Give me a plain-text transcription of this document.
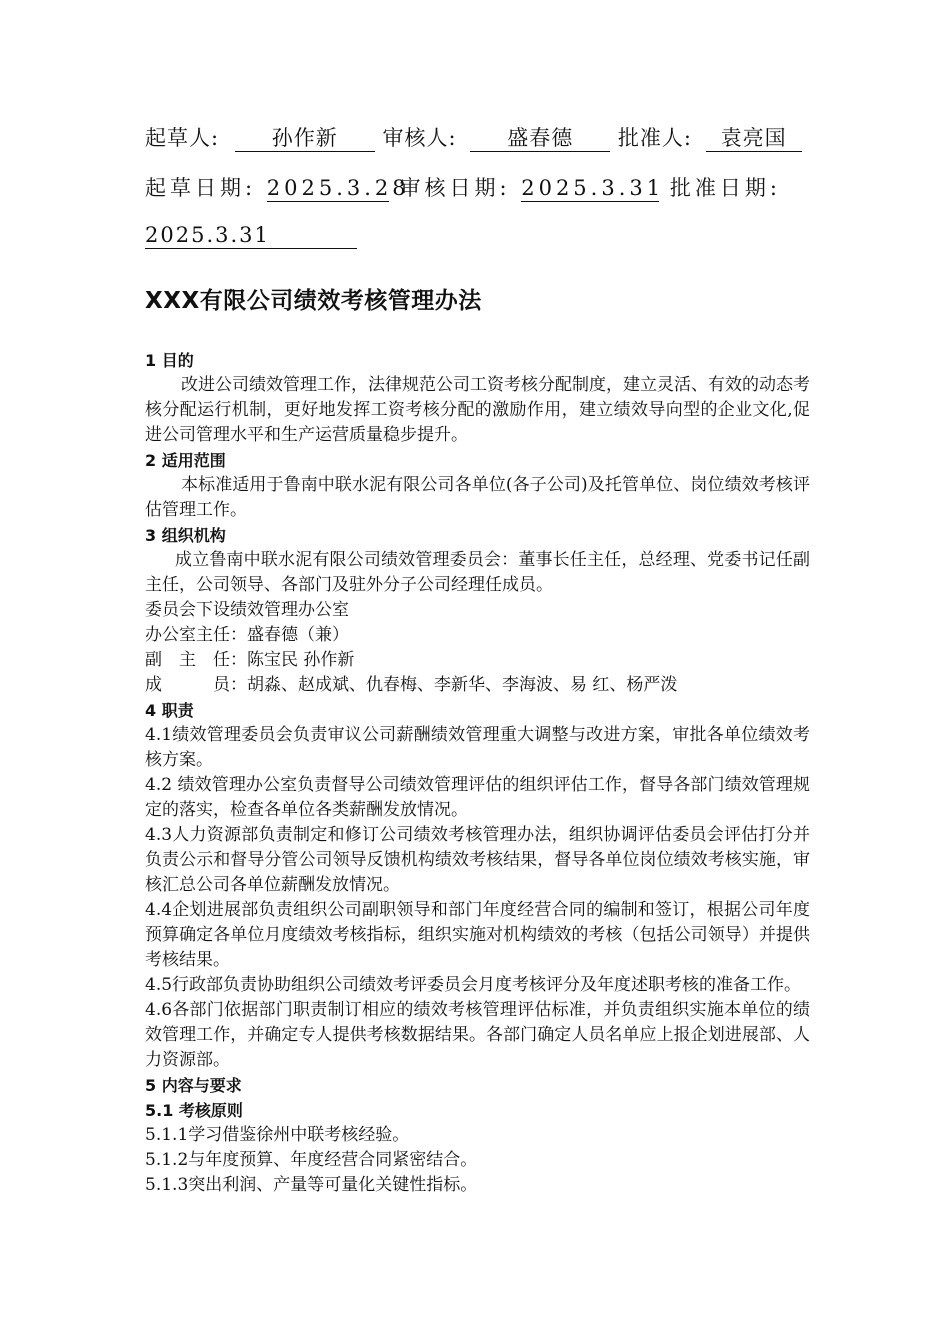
起草人:	孙作新 审核人: 盛春德 批准人: 袁亮国
起草日期: 2025.3.28 审核日期: 2025.3.31 批准日期:
2025.3.31
XXX有限公司绩效考核管理办法
1 目的

改进公司绩效管理工作，法律规范公司工资考核分配制度，建立灵活、有效的动态考核分配运行机制，更好地发挥工资考核分配的激励作用，建立绩效导向型的企业文化,促进公司管理水平和生产运营质量稳步提升。

2 适用范围

本标准适用于鲁南中联水泥有限公司各单位(各子公司)及托管单位、岗位绩效考核评估管理工作。

3 组织机构

成立鲁南中联水泥有限公司绩效管理委员会：董事长任主任，总经理、党委书记任副主任，公司领导、各部门及驻外分子公司经理任成员。

委员会下设绩效管理办公室

办公室主任：盛春德（兼）

副　主　任：陈宝民 孙作新

成　　　员：胡淼、赵成斌、仇春梅、李新华、李海波、易 红、杨严泼

4 职责

4.1绩效管理委员会负责审议公司薪酬绩效管理重大调整与改进方案，审批各单位绩效考核方案。

4.2 绩效管理办公室负责督导公司绩效管理评估的组织评估工作，督导各部门绩效管理规定的落实，检查各单位各类薪酬发放情况。

4.3人力资源部负责制定和修订公司绩效考核管理办法，组织协调评估委员会评估打分并负责公示和督导分管公司领导反馈机构绩效考核结果，督导各单位岗位绩效考核实施，审核汇总公司各单位薪酬发放情况。

4.4企划进展部负责组织公司副职领导和部门年度经营合同的编制和签订，根据公司年度预算确定各单位月度绩效考核指标，组织实施对机构绩效的考核（包括公司领导）并提供考核结果。

4.5行政部负责协助组织公司绩效考评委员会月度考核评分及年度述职考核的准备工作。

4.6各部门依据部门职责制订相应的绩效考核管理评估标准，并负责组织实施本单位的绩效管理工作，并确定专人提供考核数据结果。各部门确定人员名单应上报企划进展部、人力资源部。

5 内容与要求
5.1 考核原则

5.1.1学习借鉴徐州中联考核经验。

5.1.2与年度预算、年度经营合同紧密结合。

5.1.3突出利润、产量等可量化关键性指标。
